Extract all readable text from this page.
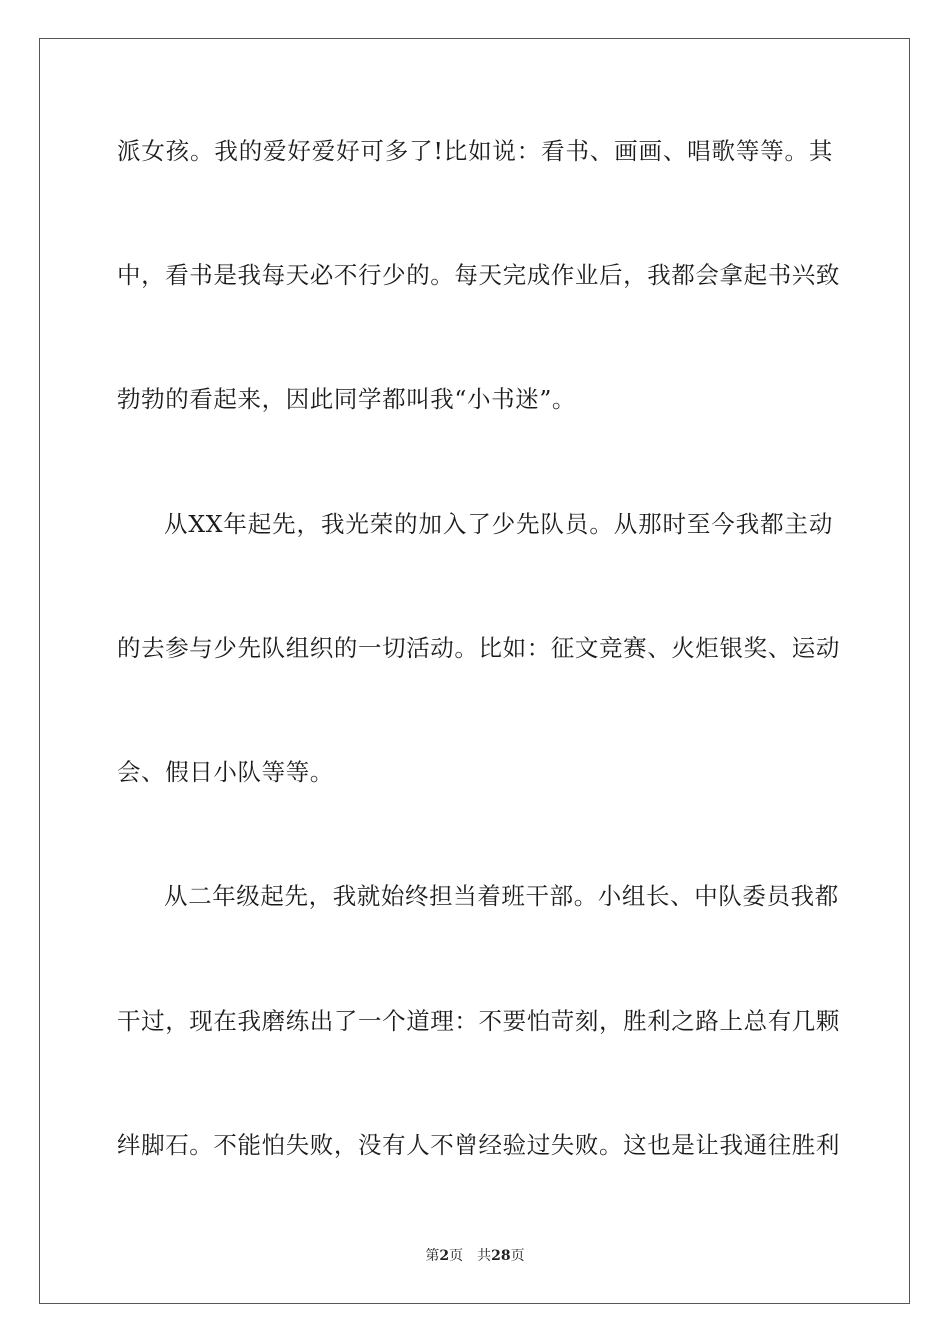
派女孩。我的爱好爱好可多了!比如说：看书、画画、唱歌等等。其
中，看书是我每天必不行少的。每天完成作业后，我都会拿起书兴致
勃勃的看起来，因此同学都叫我“小书迷”。
从XX年起先，我光荣的加入了少先队员。从那时至今我都主动
的去参与少先队组织的一切活动。比如：征文竞赛、火炬银奖、运动
会、假日小队等等。
从二年级起先，我就始终担当着班干部。小组长、中队委员我都
干过，现在我磨练出了一个道理：不要怕苛刻，胜利之路上总有几颗
绊脚石。不能怕失败，没有人不曾经验过失败。这也是让我通往胜利
第2页 共28页
